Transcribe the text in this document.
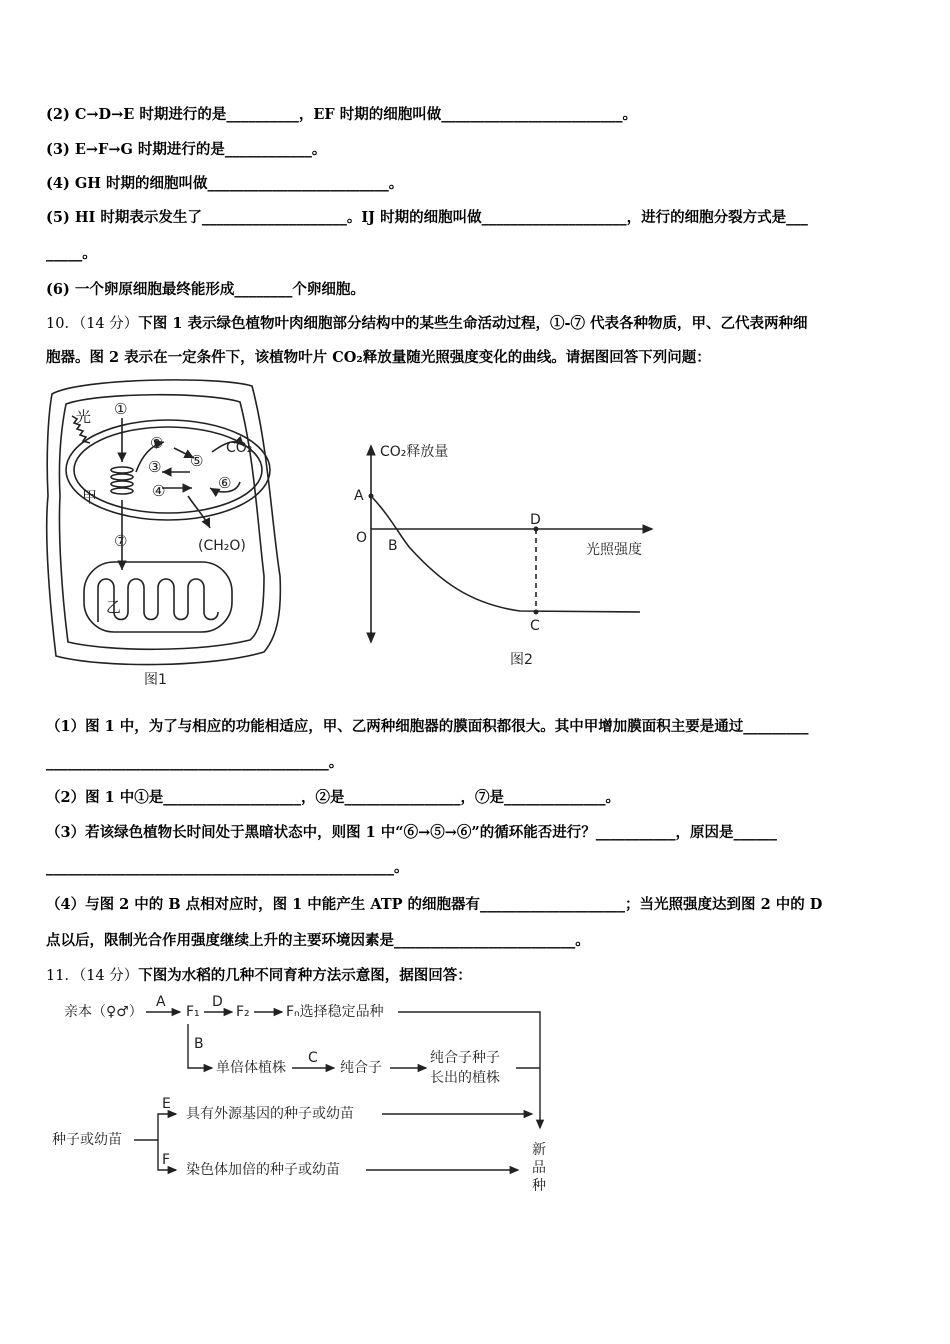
(2) C→D→E 时期进行的是__________，EF 时期的细胞叫做_________________________。
(3) E→F→G 时期进行的是____________。
(4) GH 时期的细胞叫做_________________________。
(5) HI 时期表示发生了____________________。IJ 时期的细胞叫做____________________，进行的细胞分裂方式是___
_____。
(6) 一个卵原细胞最终能形成________个卵细胞。
10．（14 分）下图 1 表示绿色植物叶肉细胞部分结构中的某些生命活动过程，①-⑦ 代表各种物质，甲、乙代表两种细
胞器。图 2 表示在一定条件下，该植物叶片 CO₂释放量随光照强度变化的曲线。请据图回答下列问题：
光 ①
②
③
④
⑤
⑥
⑦
CO₂
甲
乙
(CH₂O)
图1
CO₂释放量
光照强度
A
O B
C
D
图2
（1）图 1 中，为了与相应的功能相适应，甲、乙两种细胞器的膜面积都很大。其中甲增加膜面积主要是通过_________
_______________________________________。
（2）图 1 中①是___________________，②是________________，⑦是______________。
（3）若该绿色植物长时间处于黑暗状态中，则图 1 中“⑥→⑤→⑥”的循环能否进行？___________，原因是______
________________________________________________。
（4）与图 2 中的 B 点相对应时，图 1 中能产生 ATP 的细胞器有____________________；当光照强度达到图 2 中的 D
点以后，限制光合作用强度继续上升的主要环境因素是_________________________。
11．（14 分）下图为水稻的几种不同育种方法示意图，据图回答：
亲本（♀♂）
A
F₁
D
F₂	Fₙ选择稳定品种
B
单倍体植株
C
纯合子
纯合子种子
长出的植株
种子或幼苗
E
具有外源基因的种子或幼苗
F
染色体加倍的种子或幼苗
新
品
种
